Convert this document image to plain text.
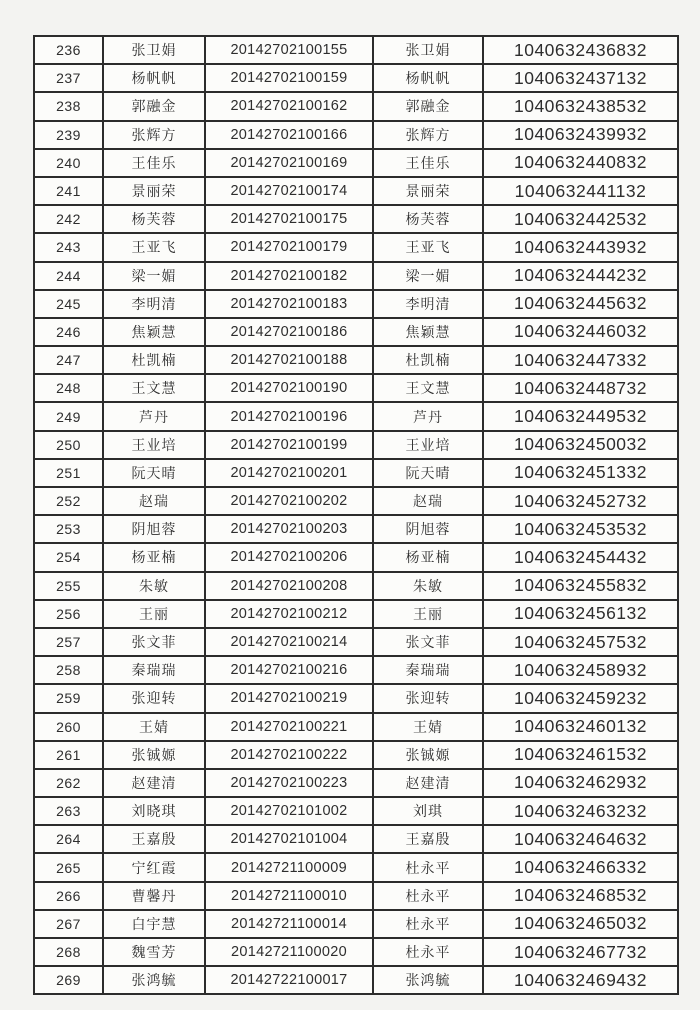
236	张卫娟	20142702100155	张卫娟	1040632436832
237	杨帆帆	20142702100159	杨帆帆	1040632437132
238	郭融金	20142702100162	郭融金	1040632438532
239	张辉方	20142702100166	张辉方	1040632439932
240	王佳乐	20142702100169	王佳乐	1040632440832
241	景丽荣	20142702100174	景丽荣	1040632441132
242	杨芙蓉	20142702100175	杨芙蓉	1040632442532
243	王亚飞	20142702100179	王亚飞	1040632443932
244	梁一媚	20142702100182	梁一媚	1040632444232
245	李明清	20142702100183	李明清	1040632445632
246	焦颖慧	20142702100186	焦颖慧	1040632446032
247	杜凯楠	20142702100188	杜凯楠	1040632447332
248	王文慧	20142702100190	王文慧	1040632448732
249	芦丹	20142702100196	芦丹	1040632449532
250	王业培	20142702100199	王业培	1040632450032
251	阮天晴	20142702100201	阮天晴	1040632451332
252	赵瑞	20142702100202	赵瑞	1040632452732
253	阴旭蓉	20142702100203	阴旭蓉	1040632453532
254	杨亚楠	20142702100206	杨亚楠	1040632454432
255	朱敏	20142702100208	朱敏	1040632455832
256	王丽	20142702100212	王丽	1040632456132
257	张文菲	20142702100214	张文菲	1040632457532
258	秦瑞瑞	20142702100216	秦瑞瑞	1040632458932
259	张迎转	20142702100219	张迎转	1040632459232
260	王婧	20142702100221	王婧	1040632460132
261	张铖嫄	20142702100222	张铖嫄	1040632461532
262	赵建清	20142702100223	赵建清	1040632462932
263	刘晓琪	20142702101002	刘琪	1040632463232
264	王嘉殷	20142702101004	王嘉殷	1040632464632
265	宁红霞	20142721100009	杜永平	1040632466332
266	曹馨丹	20142721100010	杜永平	1040632468532
267	白宇慧	20142721100014	杜永平	1040632465032
268	魏雪芳	20142721100020	杜永平	1040632467732
269	张鸿毓	20142722100017	张鸿毓	1040632469432
